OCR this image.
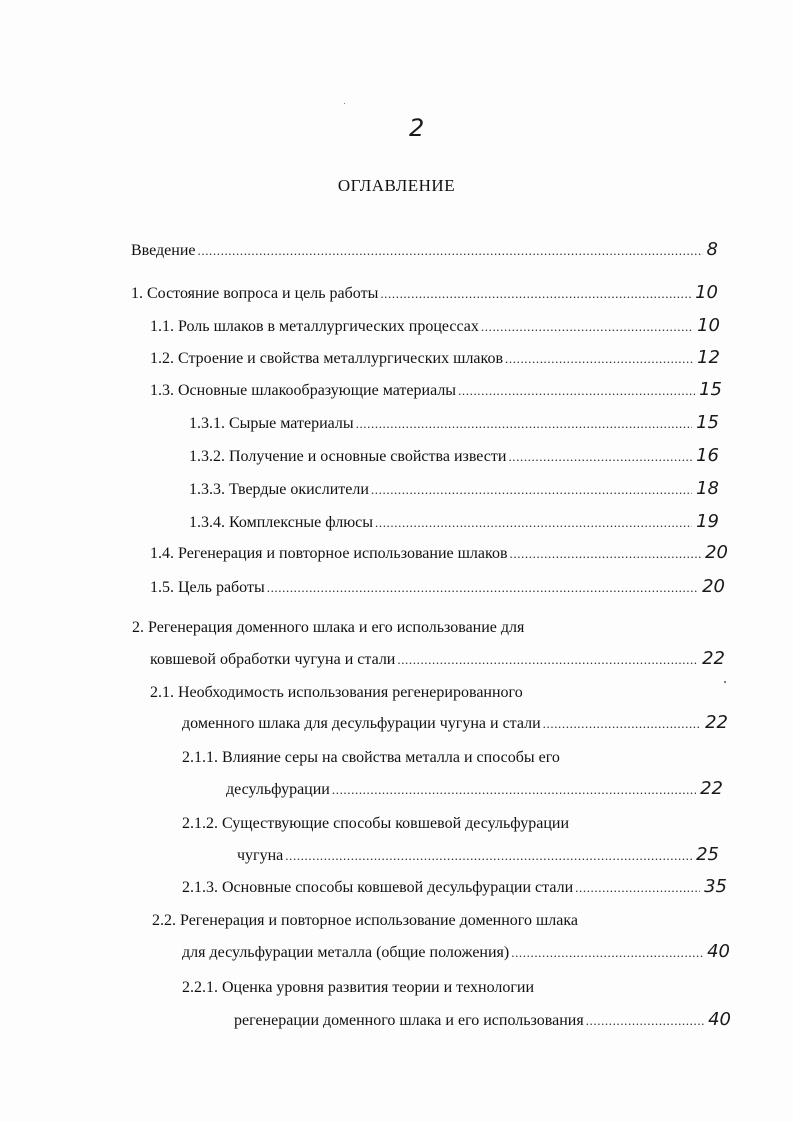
2
ОГЛАВЛЕНИЕ
Введение .....	8
1. Состояние вопроса и цель работы .....	10
1.1. Роль шлаков в металлургических процессах .....	10
1.2. Строение и свойства металлургических шлаков .....	12
1.3. Основные шлакообразующие материалы .....	15
1.3.1. Сырые материалы .....	15
1.3.2. Получение и основные свойства извести .....	16
1.3.3. Твердые окислители .....	18
1.3.4. Комплексные флюсы .....	19
1.4. Регенерация и повторное использование шлаков .....	20
1.5. Цель работы .....	20
2. Регенерация доменного шлака и его использование для
ковшевой обработки чугуна и стали .....	22
2.1. Необходимость использования регенерированного
доменного шлака для десульфурации чугуна и стали .....	22
2.1.1. Влияние серы на свойства металла и способы его
десульфурации .....	22
2.1.2. Существующие способы ковшевой десульфурации
чугуна .....	25
2.1.3. Основные способы ковшевой десульфурации стали .....	35
2.2. Регенерация и повторное использование доменного шлака
для десульфурации металла (общие положения) .....	40
2.2.1. Оценка уровня развития теории и технологии
регенерации доменного шлака и его использования .....	40
